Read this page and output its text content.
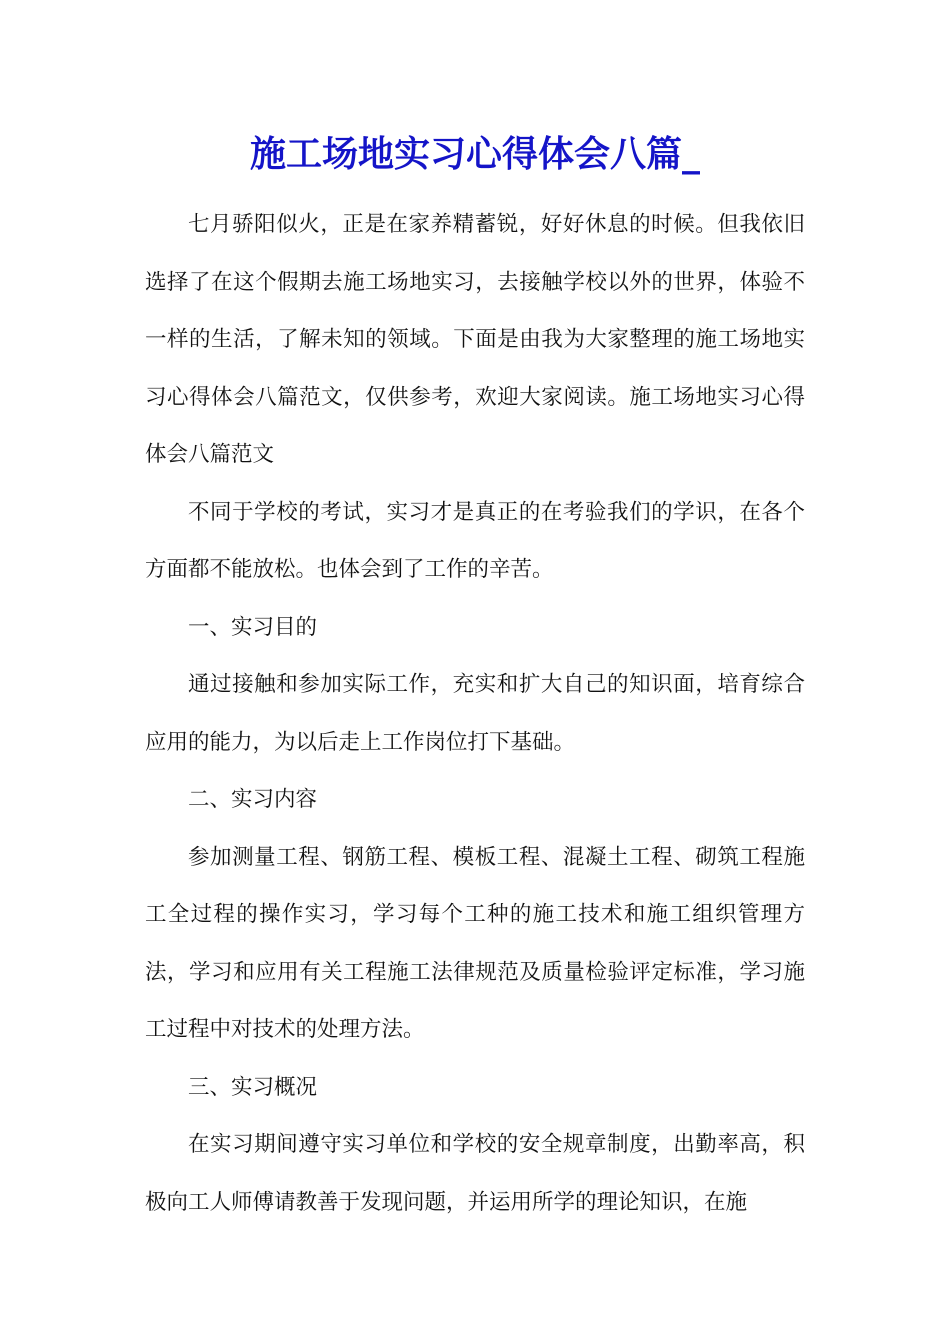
施工场地实习心得体会八篇_

七月骄阳似火，正是在家养精蓄锐，好好休息的时候。但我依旧选择了在这个假期去施工场地实习，去接触学校以外的世界，体验不一样的生活，了解未知的领域。下面是由我为大家整理的施工场地实习心得体会八篇范文，仅供参考，欢迎大家阅读。施工场地实习心得体会八篇范文

不同于学校的考试，实习才是真正的在考验我们的学识，在各个方面都不能放松。也体会到了工作的辛苦。

一、实习目的

通过接触和参加实际工作，充实和扩大自己的知识面，培育综合应用的能力，为以后走上工作岗位打下基础。

二、实习内容

参加测量工程、钢筋工程、模板工程、混凝土工程、砌筑工程施工全过程的操作实习，学习每个工种的施工技术和施工组织管理方法，学习和应用有关工程施工法律规范及质量检验评定标准，学习施工过程中对技术的处理方法。

三、实习概况

在实习期间遵守实习单位和学校的安全规章制度，出勤率高，积极向工人师傅请教善于发现问题，并运用所学的理论知识，在施
